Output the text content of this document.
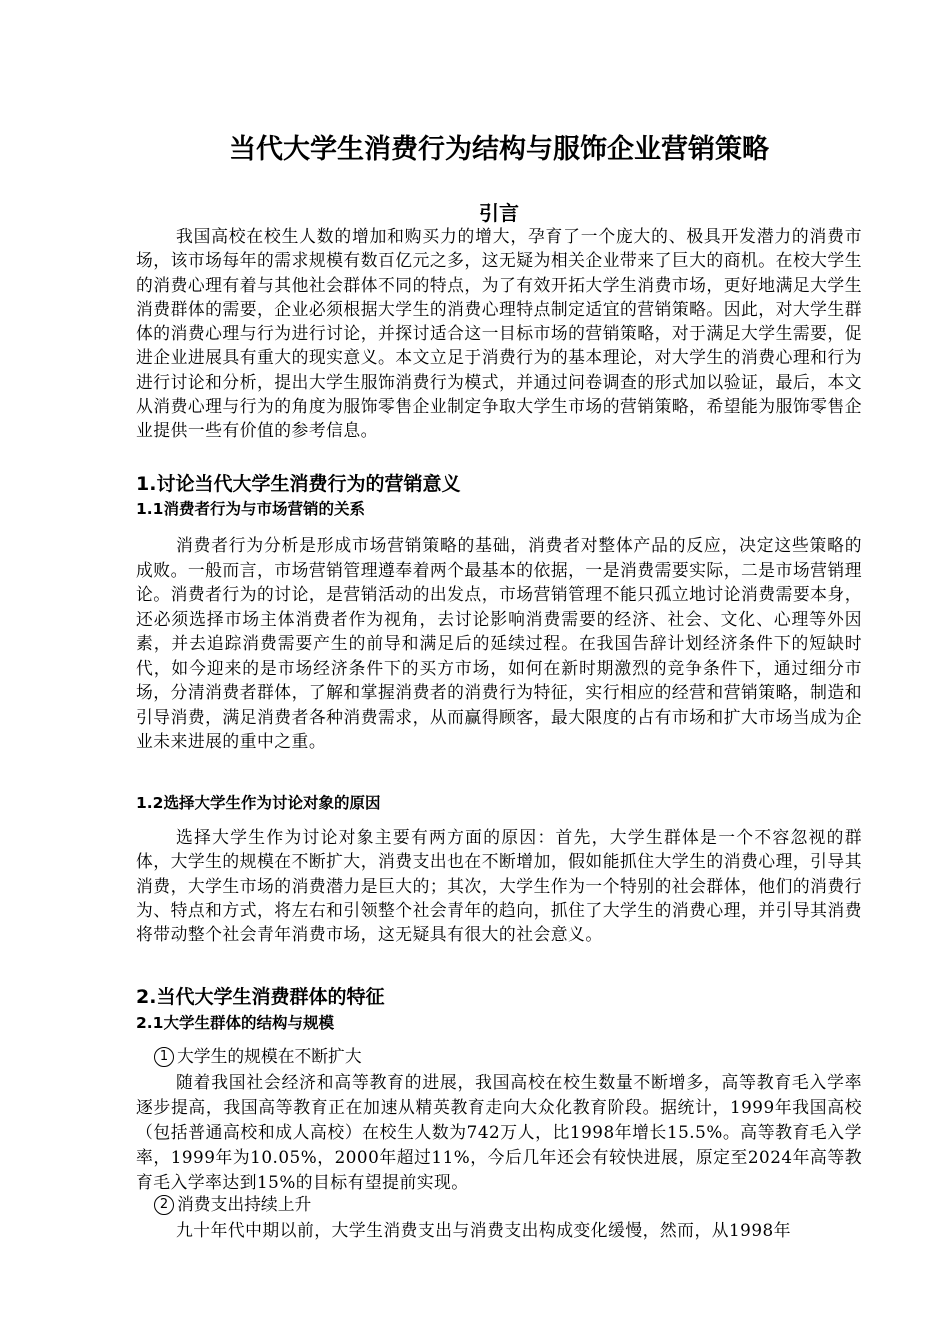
当代大学生消费行为结构与服饰企业营销策略
引言

我国高校在校生人数的增加和购买力的增大，孕育了一个庞大的、极具开发潜力的消费市场，该市场每年的需求规模有数百亿元之多，这无疑为相关企业带来了巨大的商机。在校大学生的消费心理有着与其他社会群体不同的特点，为了有效开拓大学生消费市场，更好地满足大学生消费群体的需要，企业必须根据大学生的消费心理特点制定适宜的营销策略。因此，对大学生群体的消费心理与行为进行讨论，并探讨适合这一目标市场的营销策略，对于满足大学生需要，促进企业进展具有重大的现实意义。本文立足于消费行为的基本理论，对大学生的消费心理和行为进行讨论和分析，提出大学生服饰消费行为模式，并通过问卷调查的形式加以验证，最后，本文从消费心理与行为的角度为服饰零售企业制定争取大学生市场的营销策略，希望能为服饰零售企业提供一些有价值的参考信息。

1.讨论当代大学生消费行为的营销意义
1.1消费者行为与市场营销的关系

消费者行为分析是形成市场营销策略的基础，消费者对整体产品的反应，决定这些策略的成败。一般而言，市场营销管理遵奉着两个最基本的依据，一是消费需要实际，二是市场营销理论。消费者行为的讨论，是营销活动的出发点，市场营销管理不能只孤立地讨论消费需要本身，还必须选择市场主体消费者作为视角，去讨论影响消费需要的经济、社会、文化、心理等外因素，并去追踪消费需要产生的前导和满足后的延续过程。在我国告辞计划经济条件下的短缺时代，如今迎来的是市场经济条件下的买方市场，如何在新时期激烈的竞争条件下，通过细分市场，分清消费者群体，了解和掌握消费者的消费行为特征，实行相应的经营和营销策略，制造和引导消费，满足消费者各种消费需求，从而赢得顾客，最大限度的占有市场和扩大市场当成为企业未来进展的重中之重。

1.2选择大学生作为讨论对象的原因

选择大学生作为讨论对象主要有两方面的原因：首先，大学生群体是一个不容忽视的群体，大学生的规模在不断扩大，消费支出也在不断增加，假如能抓住大学生的消费心理，引导其消费，大学生市场的消费潜力是巨大的；其次，大学生作为一个特别的社会群体，他们的消费行为、特点和方式，将左右和引领整个社会青年的趋向，抓住了大学生的消费心理，并引导其消费将带动整个社会青年消费市场，这无疑具有很大的社会意义。

2.当代大学生消费群体的特征
2.1大学生群体的结构与规模
1 大学生的规模在不断扩大

随着我国社会经济和高等教育的进展，我国高校在校生数量不断增多，高等教育毛入学率逐步提高，我国高等教育正在加速从精英教育走向大众化教育阶段。据统计，1999年我国高校（包括普通高校和成人高校）在校生人数为742万人，比1998年增长15.5%。高等教育毛入学率，1999年为10.05%，2000年超过11%，今后几年还会有较快进展，原定至2024年高等教育毛入学率达到15%的目标有望提前实现。

2 消费支出持续上升

九十年代中期以前，大学生消费支出与消费支出构成变化缓慢，然而，从1998年
